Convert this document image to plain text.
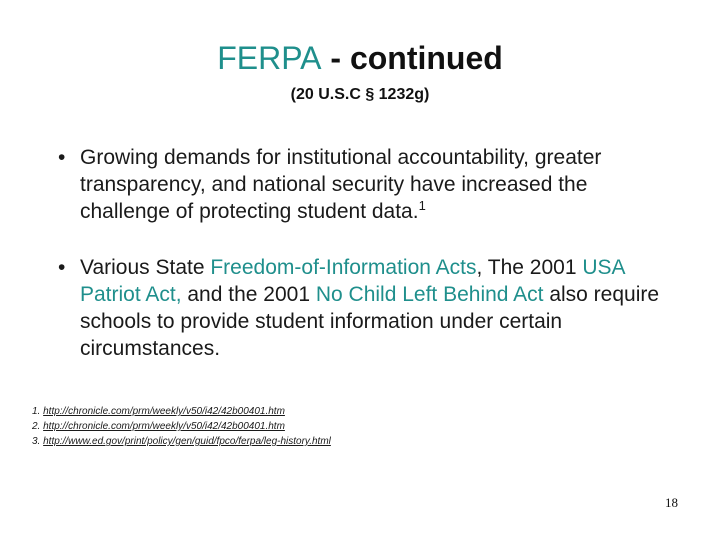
FERPA - continued
(20 U.S.C § 1232g)
• Growing demands for institutional accountability, greater transparency, and national security have increased the challenge of protecting student data.$^1$
• Various State Freedom-of-Information Acts, The 2001 USA Patriot Act, and the 2001 No Child Left Behind Act also require schools to provide student information under certain circumstances.
1. http://chronicle.com/prm/weekly/v50/i42/42b00401.htm
2. http://chronicle.com/prm/weekly/v50/i42/42b00401.htm
3. http://www.ed.gov/print/policy/gen/guid/fpco/ferpa/leg-history.html
18
